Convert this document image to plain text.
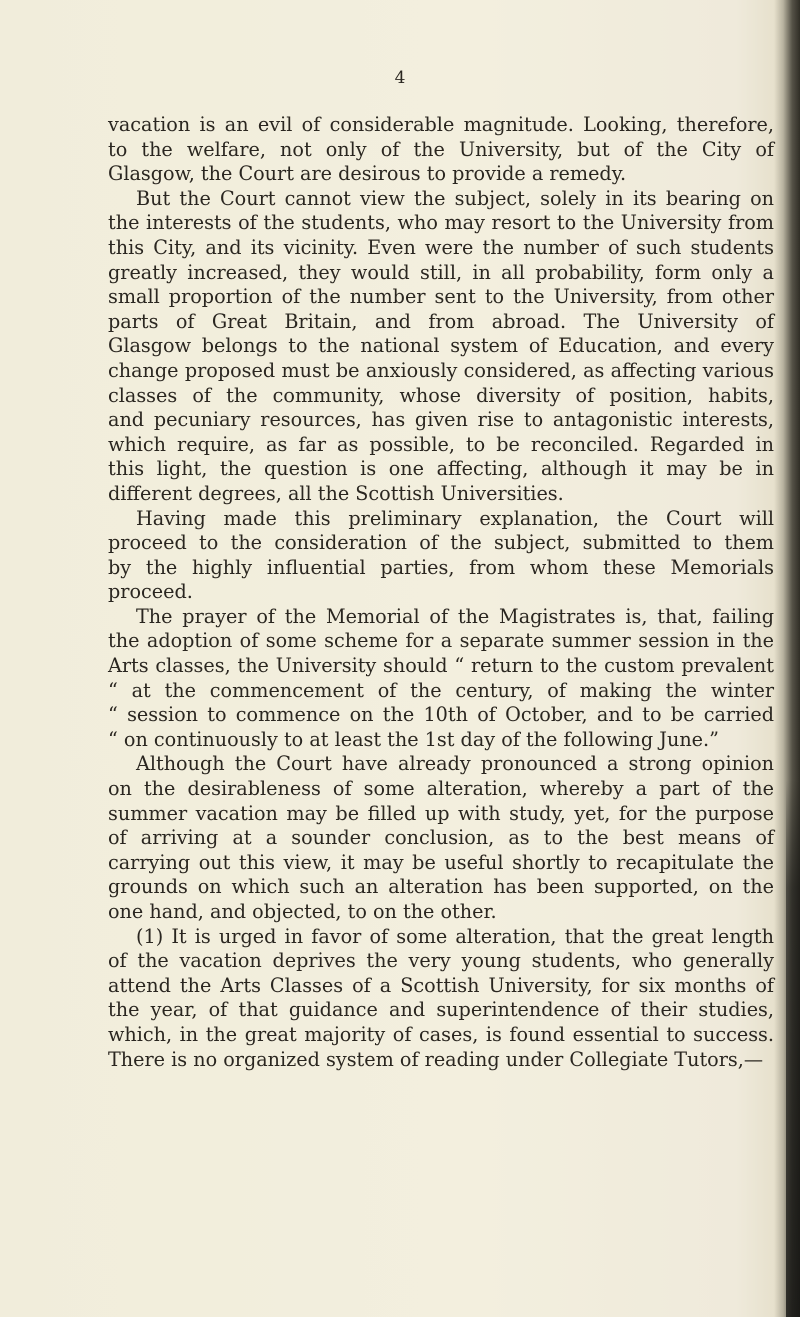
4
vacation is an evil of considerable magnitude. Looking, therefore,
to the welfare, not only of the University, but of the City of
Glasgow, the Court are desirous to provide a remedy.
But the Court cannot view the subject, solely in its bearing on
the interests of the students, who may resort to the University from
this City, and its vicinity. Even were the number of such students
greatly increased, they would still, in all probability, form only a
small proportion of the number sent to the University, from other
parts of Great Britain, and from abroad. The University of
Glasgow belongs to the national system of Education, and every
change proposed must be anxiously considered, as affecting various
classes of the community, whose diversity of position, habits,
and pecuniary resources, has given rise to antagonistic interests,
which require, as far as possible, to be reconciled. Regarded in
this light, the question is one affecting, although it may be in
different degrees, all the Scottish Universities.
Having made this preliminary explanation, the Court will
proceed to the consideration of the subject, submitted to them
by the highly influential parties, from whom these Memorials
proceed.
The prayer of the Memorial of the Magistrates is, that, failing
the adoption of some scheme for a separate summer session in the
Arts classes, the University should “ return to the custom prevalent
“ at the commencement of the century, of making the winter
“ session to commence on the 10th of October, and to be carried
“ on continuously to at least the 1st day of the following June.”
Although the Court have already pronounced a strong opinion
on the desirableness of some alteration, whereby a part of the
summer vacation may be filled up with study, yet, for the purpose
of arriving at a sounder conclusion, as to the best means of
carrying out this view, it may be useful shortly to recapitulate the
grounds on which such an alteration has been supported, on the
one hand, and objected, to on the other.
(1) It is urged in favor of some alteration, that the great length
of the vacation deprives the very young students, who generally
attend the Arts Classes of a Scottish University, for six months of
the year, of that guidance and superintendence of their studies,
which, in the great majority of cases, is found essential to success.
There is no organized system of reading under Collegiate Tutors,—
